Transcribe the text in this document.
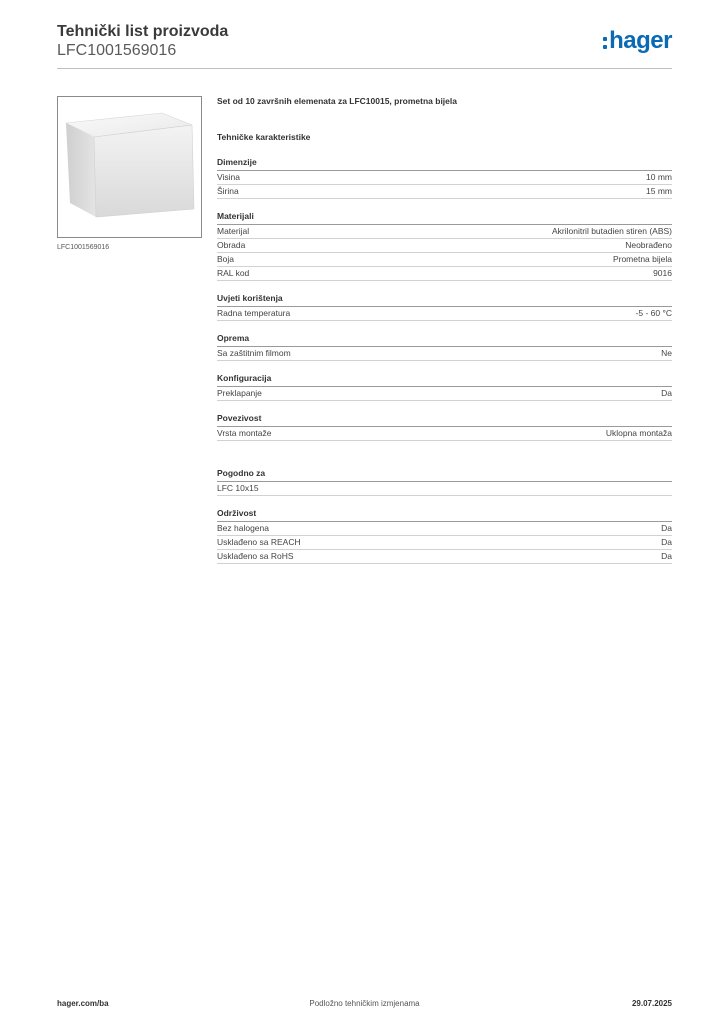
Tehnički list proizvoda
LFC1001569016	hager
LFC1001569016
Set od 10 završnih elemenata za LFC10015, prometna bijela
Tehničke karakteristike
Dimenzije
Visina	10 mm
Širina	15 mm
Materijali
Materijal	Akrilonitril butadien stiren (ABS)
Obrada	Neobrađeno
Boja	Prometna bijela
RAL kod	9016
Uvjeti korištenja
Radna temperatura	-5 - 60 °C
Oprema
Sa zaštitnim filmom	Ne
Konfiguracija
Preklapanje	Da
Povezivost
Vrsta montaže	Uklopna montaža
Pogodno za
LFC 10x15
Održivost
Bez halogena	Da
Usklađeno sa REACH	Da
Usklađeno sa RoHS	Da
hager.com/ba	Podložno tehničkim izmjenama	29.07.2025
